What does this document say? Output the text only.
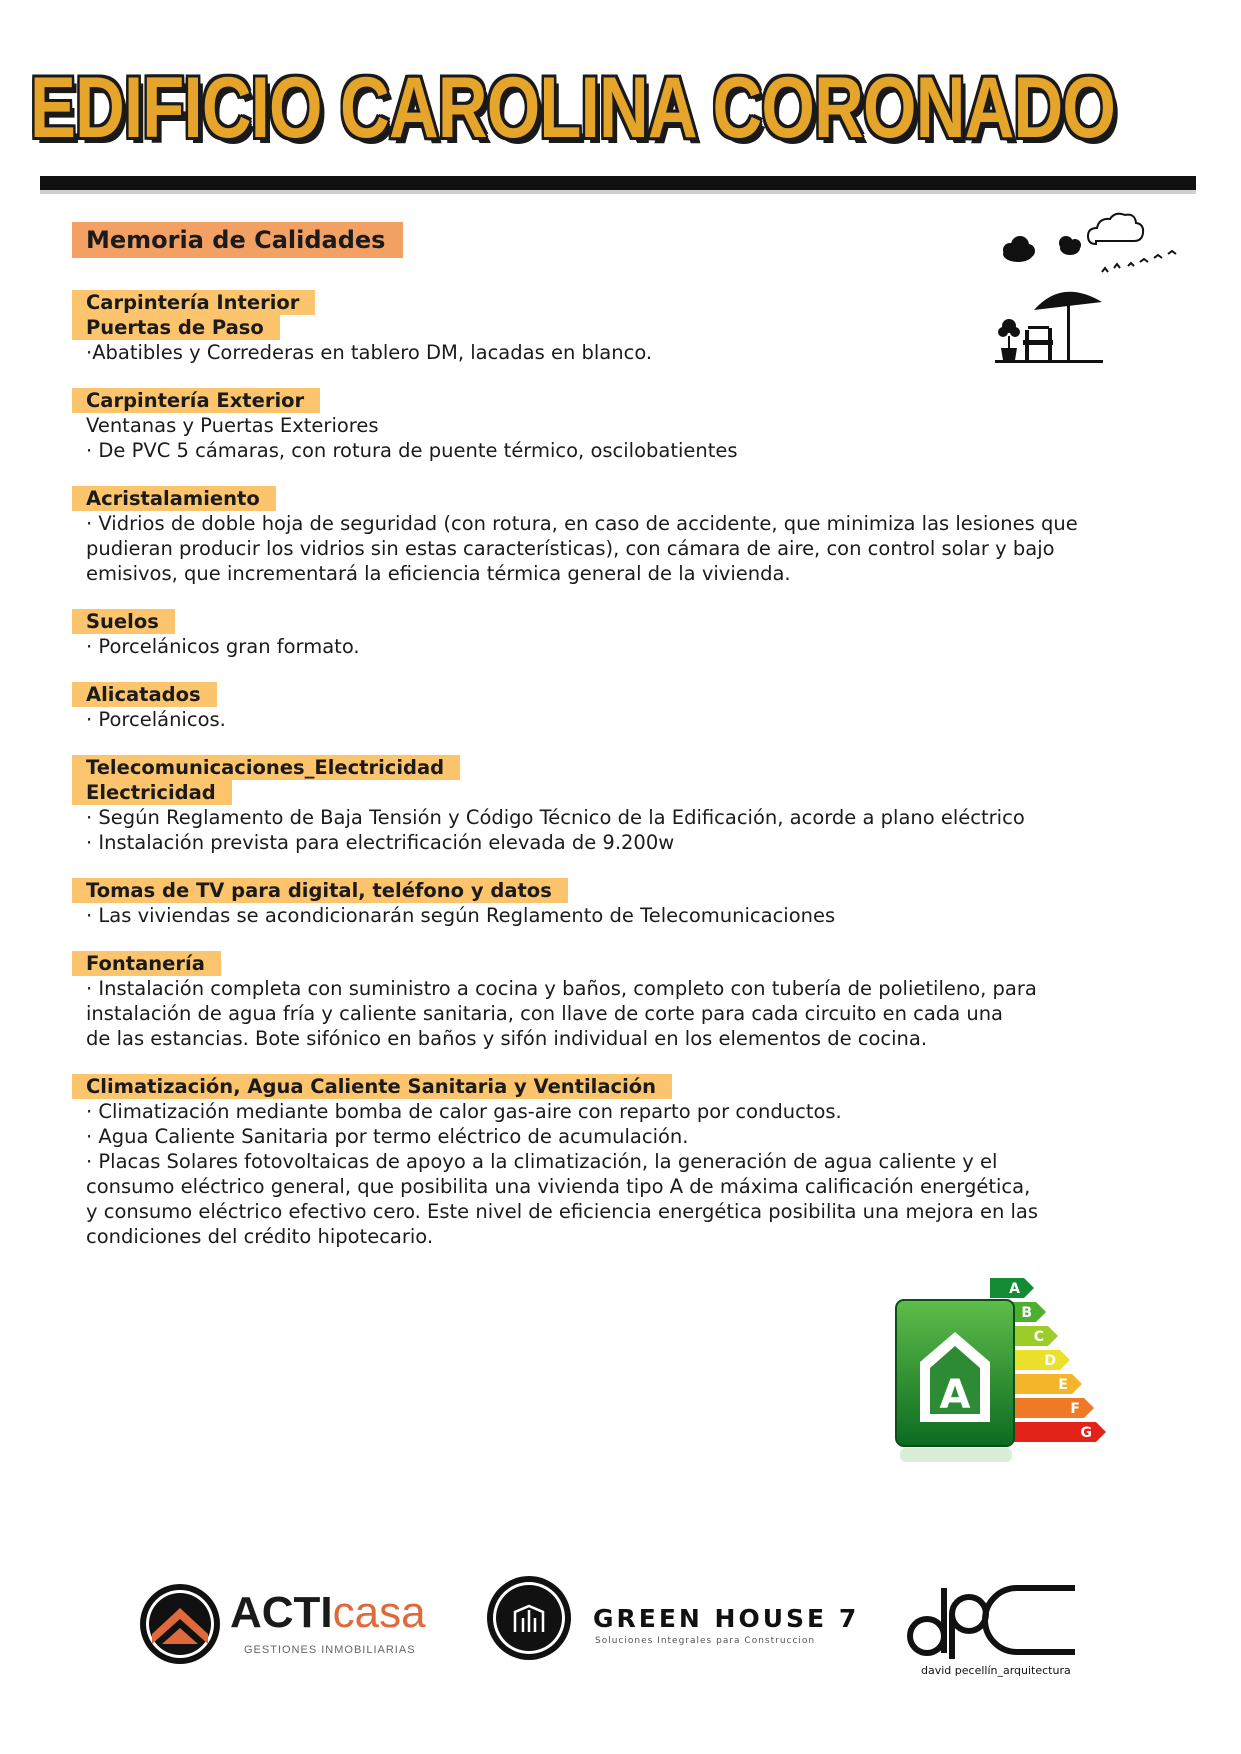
EDIFICIO CAROLINA CORONADO
Memoria de Calidades

Carpintería Interior

Puertas de Paso

·Abatibles y Correderas en tablero DM, lacadas en blanco.

Carpintería Exterior

Ventanas y Puertas Exteriores

· De PVC 5 cámaras, con rotura de puente térmico, oscilobatientes

Acristalamiento

· Vidrios de doble hoja de seguridad (con rotura, en caso de accidente, que minimiza las lesiones que
pudieran producir los vidrios sin estas características), con cámara de aire, con control solar y bajo
emisivos, que incrementará la eficiencia térmica general de la vivienda.

Suelos

· Porcelánicos gran formato.

Alicatados

· Porcelánicos.

Telecomunicaciones_Electricidad

Electricidad

· Según Reglamento de Baja Tensión y Código Técnico de la Edificación, acorde a plano eléctrico

· Instalación prevista para electrificación elevada de 9.200w

Tomas de TV para digital, teléfono y datos

· Las viviendas se acondicionarán según Reglamento de Telecomunicaciones

Fontanería

· Instalación completa con suministro a cocina y baños, completo con tubería de polietileno, para
instalación de agua fría y caliente sanitaria, con llave de corte para cada circuito en cada una
de las estancias. Bote sifónico en baños y sifón individual en los elementos de cocina.

Climatización, Agua Caliente Sanitaria y Ventilación

· Climatización mediante bomba de calor gas-aire con reparto por conductos.

· Agua Caliente Sanitaria por termo eléctrico de acumulación.

· Placas Solares fotovoltaicas de apoyo a la climatización, la generación de agua caliente y el
consumo eléctrico general, que posibilita una vivienda tipo A de máxima calificación energética,
y consumo eléctrico efectivo cero. Este nivel de eficiencia energética posibilita una mejora en las
condiciones del crédito hipotecario.

A
B
C
D
E
F
G
A
ACTIcasa
GESTIONES INMOBILIARIAS
GREEN HOUSE 7
Soluciones Integrales para Construccion
david pecellín_arquitectura
